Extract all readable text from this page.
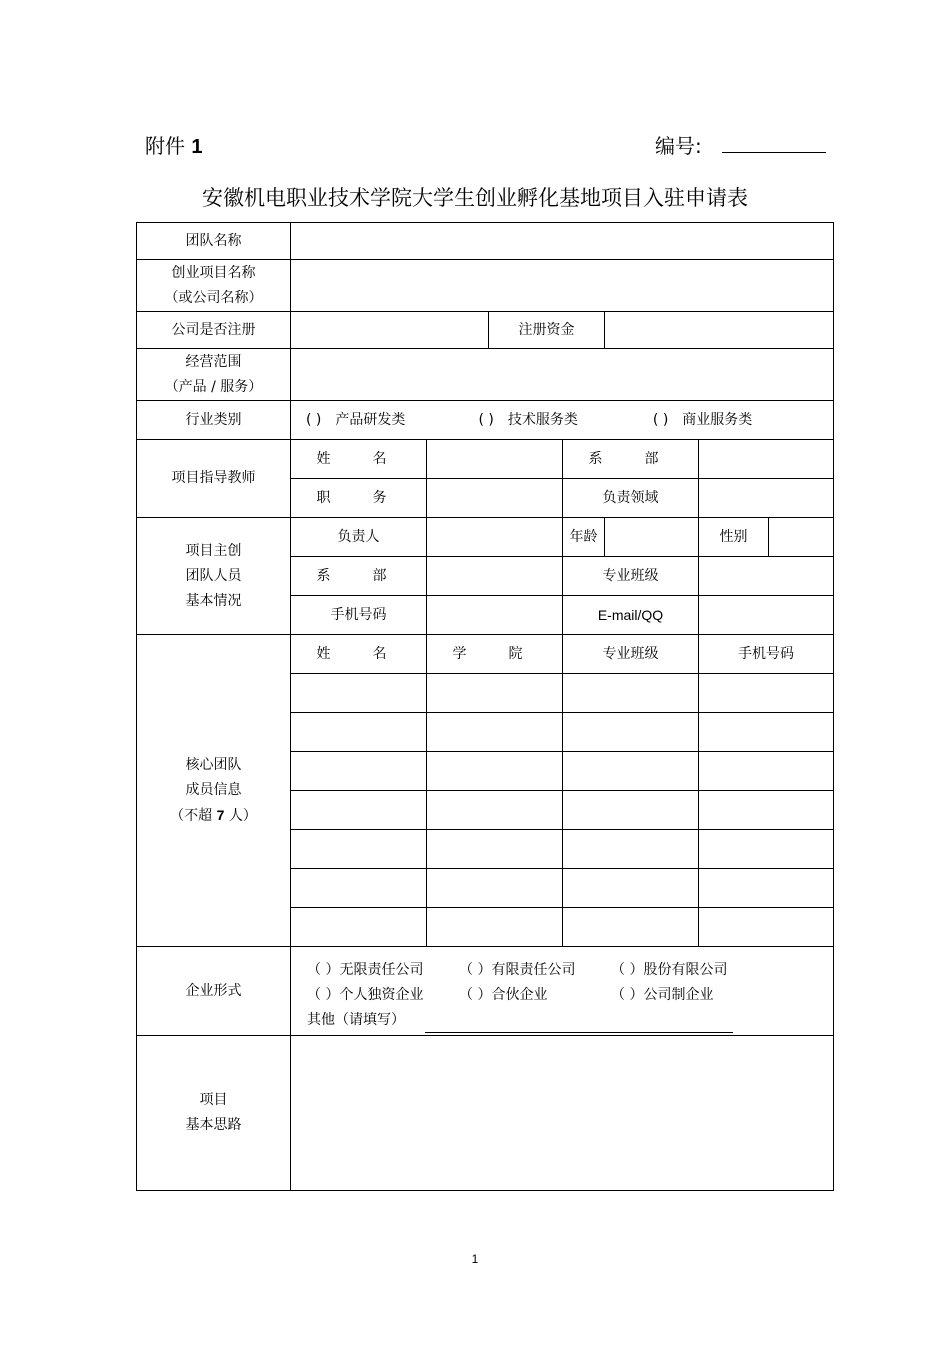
附件 1	编号:
安徽机电职业技术学院大学生创业孵化基地项目入驻申请表
团队名称							

创业项目名称
（或公司名称）							

公司是否注册			注册资金				

经营范围
（产品 / 服务）							

行业类别	( )　产品研发类 ( )　技术服务类 ( )　商业服务类						
项目指导教师	姓　名			系　部			
	职　务			负责领域			

项目主创
团队人员
基本情况	负责人			年龄		性别	
	系　部			专业班级			
	手机号码			E-mail/QQ			

核心团队
成员信息
（不超 7 人）	姓　名	学　院		专业班级		手机号码	

企业形式	（ ）无限责任公司 （ ）有限责任公司 （ ）股份有限公司
（ ）个人独资企业 （ ）合伙企业 （ ）公司制企业
其他（请填写）						

项目
基本思路							

1
